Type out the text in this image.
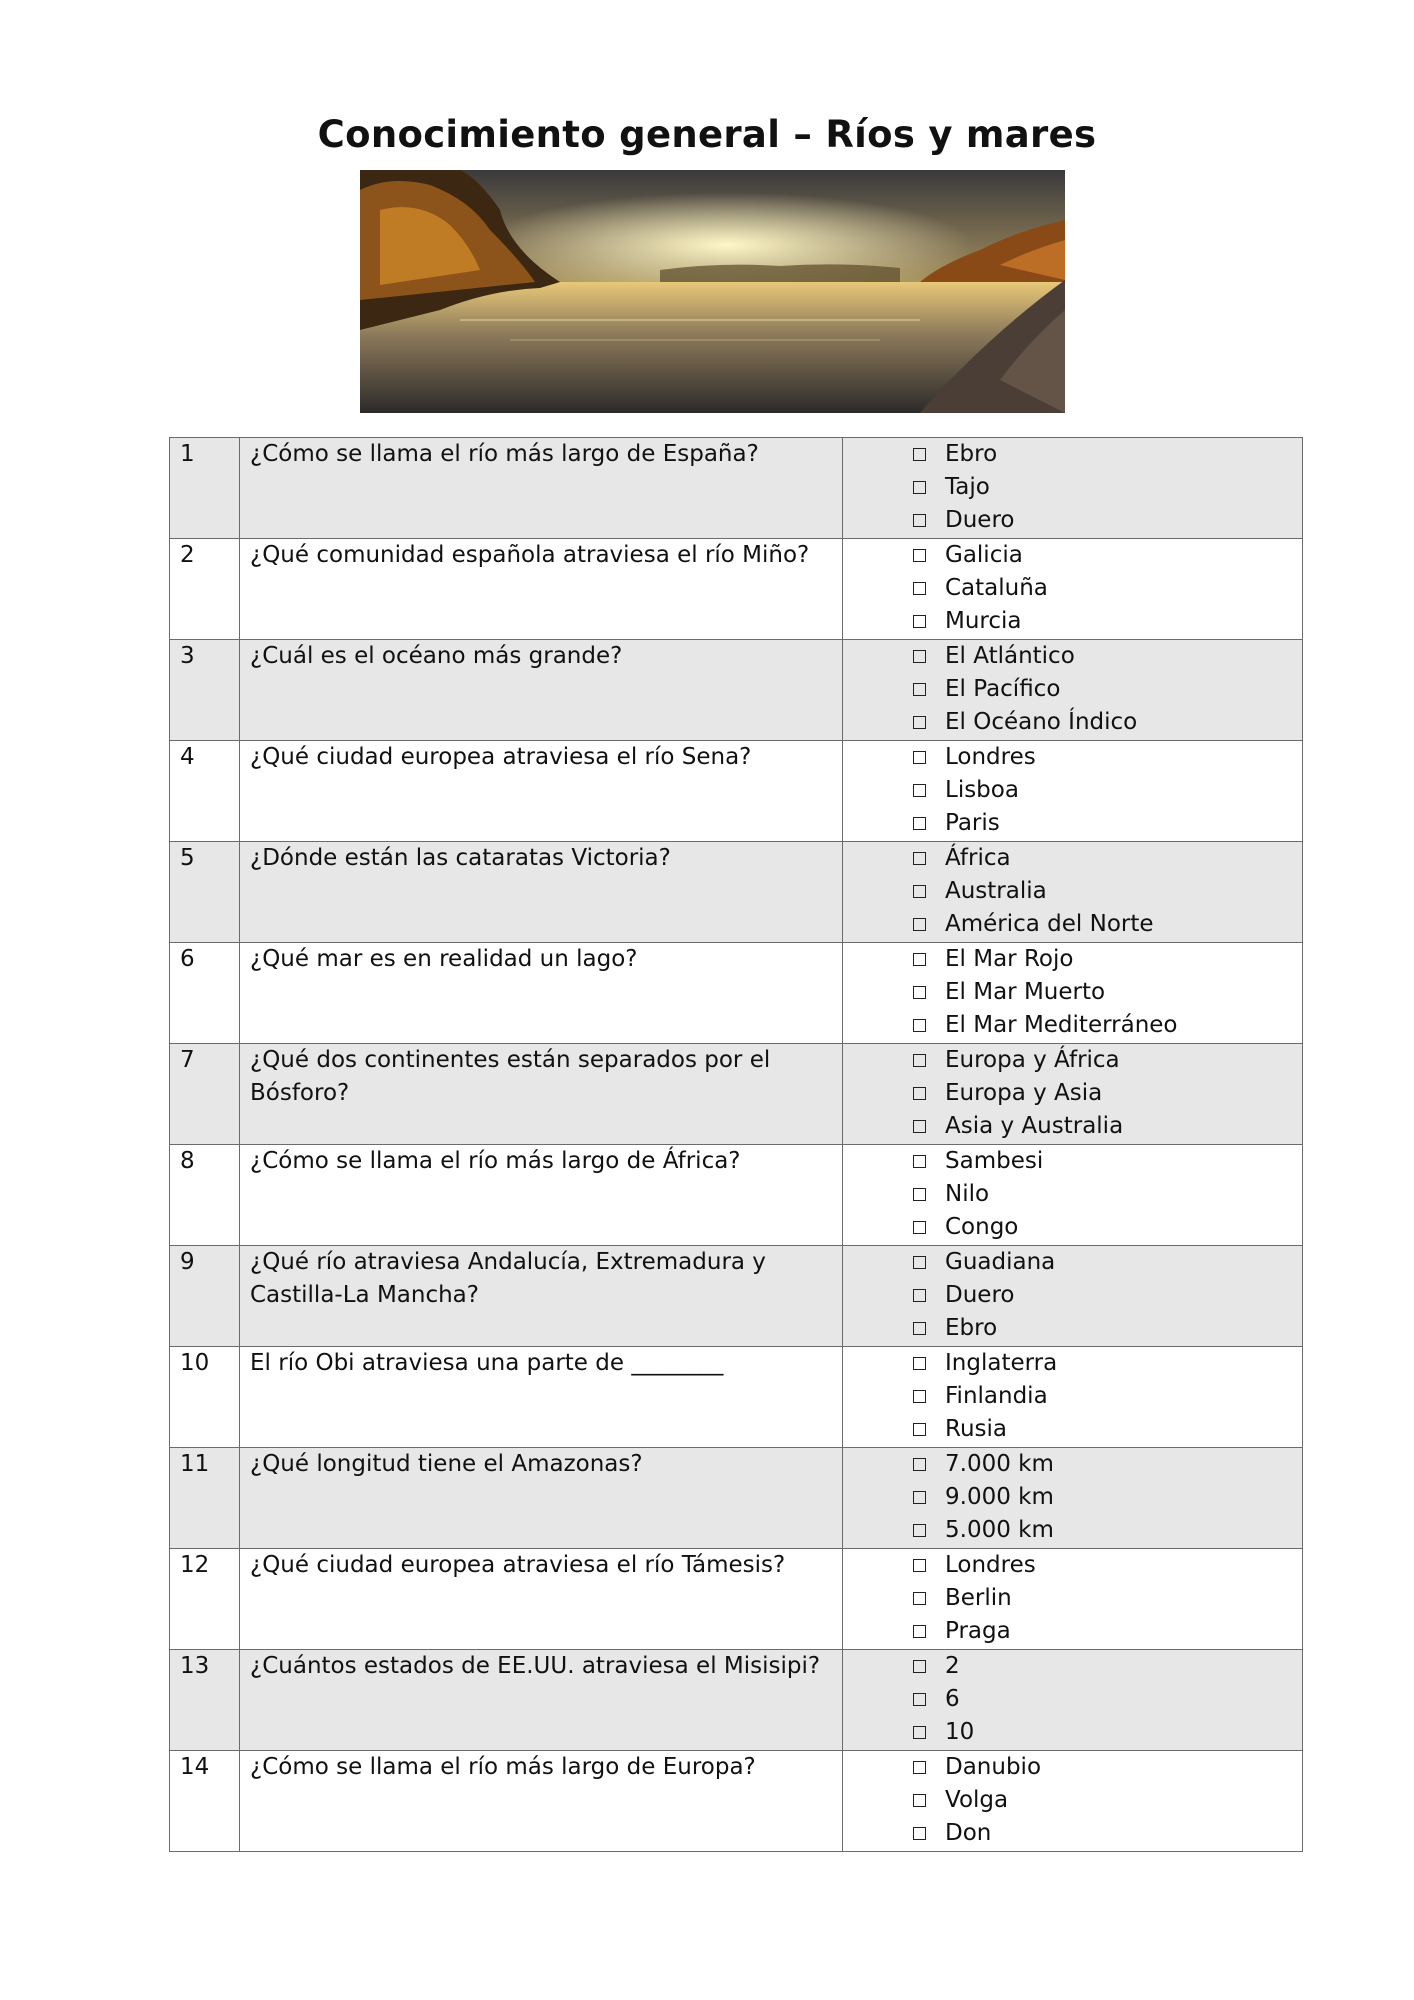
Conocimiento general – Ríos y mares
1	¿Cómo se llama el río más largo de España?	Ebro
Tajo
Duero

2	¿Qué comunidad española atraviesa el río Miño?	Galicia
Cataluña
Murcia

3	¿Cuál es el océano más grande?	El Atlántico
El Pacífico
El Océano Índico

4	¿Qué ciudad europea atraviesa el río Sena?	Londres
Lisboa
Paris

5	¿Dónde están las cataratas Victoria?	África
Australia
América del Norte

6	¿Qué mar es en realidad un lago?	El Mar Rojo
El Mar Muerto
El Mar Mediterráneo

7	¿Qué dos continentes están separados por el Bósforo?	Europa y África
Europa y Asia
Asia y Australia

8	¿Cómo se llama el río más largo de África?	Sambesi
Nilo
Congo

9	¿Qué río atraviesa Andalucía, Extremadura y Castilla-La Mancha?	Guadiana
Duero
Ebro

10	El río Obi atraviesa una parte de ________	Inglaterra
Finlandia
Rusia

11	¿Qué longitud tiene el Amazonas?	7.000 km
9.000 km
5.000 km

12	¿Qué ciudad europea atraviesa el río Támesis?	Londres
Berlin
Praga

13	¿Cuántos estados de EE.UU. atraviesa el Misisipi?	2
6
10

14	¿Cómo se llama el río más largo de Europa?	Danubio
Volga
Don
